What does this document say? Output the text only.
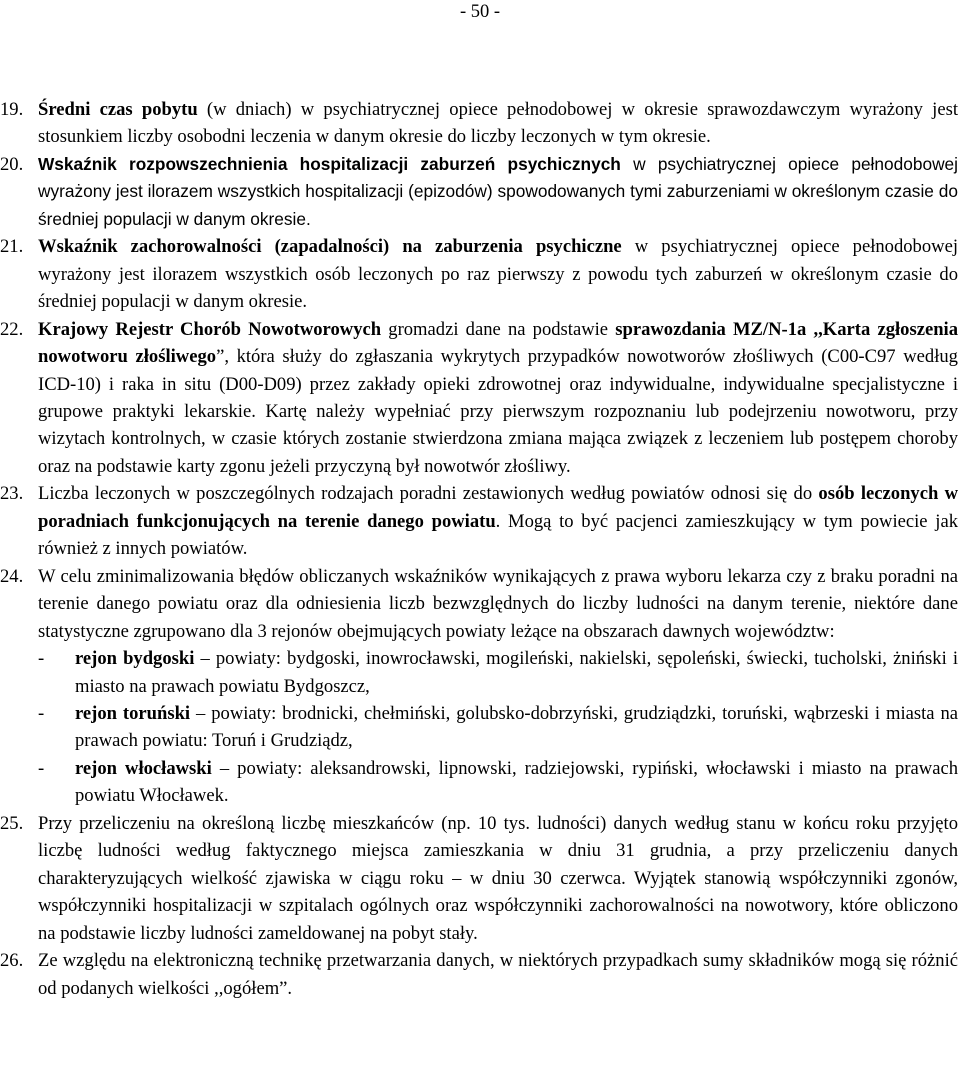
- 50 -
19. Średni czas pobytu (w dniach) w psychiatrycznej opiece pełnodobowej w okresie sprawozdawczym wyrażony jest stosunkiem liczby osobodni leczenia w danym okresie do liczby leczonych w tym okresie.

20. Wskaźnik rozpowszechnienia hospitalizacji zaburzeń psychicznych w psychiatrycznej opiece pełnodobowej wyrażony jest ilorazem wszystkich hospitalizacji (epizodów) spowodowanych tymi zaburzeniami w określonym czasie do średniej populacji w danym okresie.

21. Wskaźnik zachorowalności (zapadalności) na zaburzenia psychiczne w psychiatrycznej opiece pełnodobowej wyrażony jest ilorazem wszystkich osób leczonych po raz pierwszy z powodu tych zaburzeń w określonym czasie do średniej populacji w danym okresie.

22. Krajowy Rejestr Chorób Nowotworowych gromadzi dane na podstawie sprawozdania MZ/N-1a ,,Karta zgłoszenia nowotworu złośliwego”, która służy do zgłaszania wykrytych przypadków nowotworów złośliwych (C00-C97 według ICD-10) i raka in situ (D00-D09) przez zakłady opieki zdrowotnej oraz indywidualne, indywidualne specjalistyczne i grupowe praktyki lekarskie. Kartę należy wypełniać przy pierwszym rozpoznaniu lub podejrzeniu nowotworu, przy wizytach kontrolnych, w czasie których zostanie stwierdzona zmiana mająca związek z leczeniem lub postępem choroby oraz na podstawie karty zgonu jeżeli przyczyną był nowotwór złośliwy.

23. Liczba leczonych w poszczególnych rodzajach poradni zestawionych według powiatów odnosi się do osób leczonych w poradniach funkcjonujących na terenie danego powiatu. Mogą to być pacjenci zamieszkujący w tym powiecie jak również z innych powiatów.

24. W celu zminimalizowania błędów obliczanych wskaźników wynikających z prawa wyboru lekarza czy z braku poradni na terenie danego powiatu oraz dla odniesienia liczb bezwzględnych do liczby ludności na danym terenie, niektóre dane statystyczne zgrupowano dla 3 rejonów obejmujących powiaty leżące na obszarach dawnych województw:

- rejon bydgoski – powiaty: bydgoski, inowrocławski, mogileński, nakielski, sępoleński, świecki, tucholski, żniński i miasto na prawach powiatu Bydgoszcz,

- rejon toruński – powiaty: brodnicki, chełmiński, golubsko-dobrzyński, grudziądzki, toruński, wąbrzeski i miasta na prawach powiatu: Toruń i Grudziądz,

- rejon włocławski – powiaty: aleksandrowski, lipnowski, radziejowski, rypiński, włocławski i miasto na prawach powiatu Włocławek.

25. Przy przeliczeniu na określoną liczbę mieszkańców (np. 10 tys. ludności) danych według stanu w końcu roku przyjęto liczbę ludności według faktycznego miejsca zamieszkania w dniu 31 grudnia, a przy przeliczeniu danych charakteryzujących wielkość zjawiska w ciągu roku – w dniu 30 czerwca. Wyjątek stanowią współczynniki zgonów, współczynniki hospitalizacji w szpitalach ogólnych oraz współczynniki zachorowalności na nowotwory, które obliczono na podstawie liczby ludności zameldowanej na pobyt stały.

26. Ze względu na elektroniczną technikę przetwarzania danych, w niektórych przypadkach sumy składników mogą się różnić od podanych wielkości ,,ogółem”.
